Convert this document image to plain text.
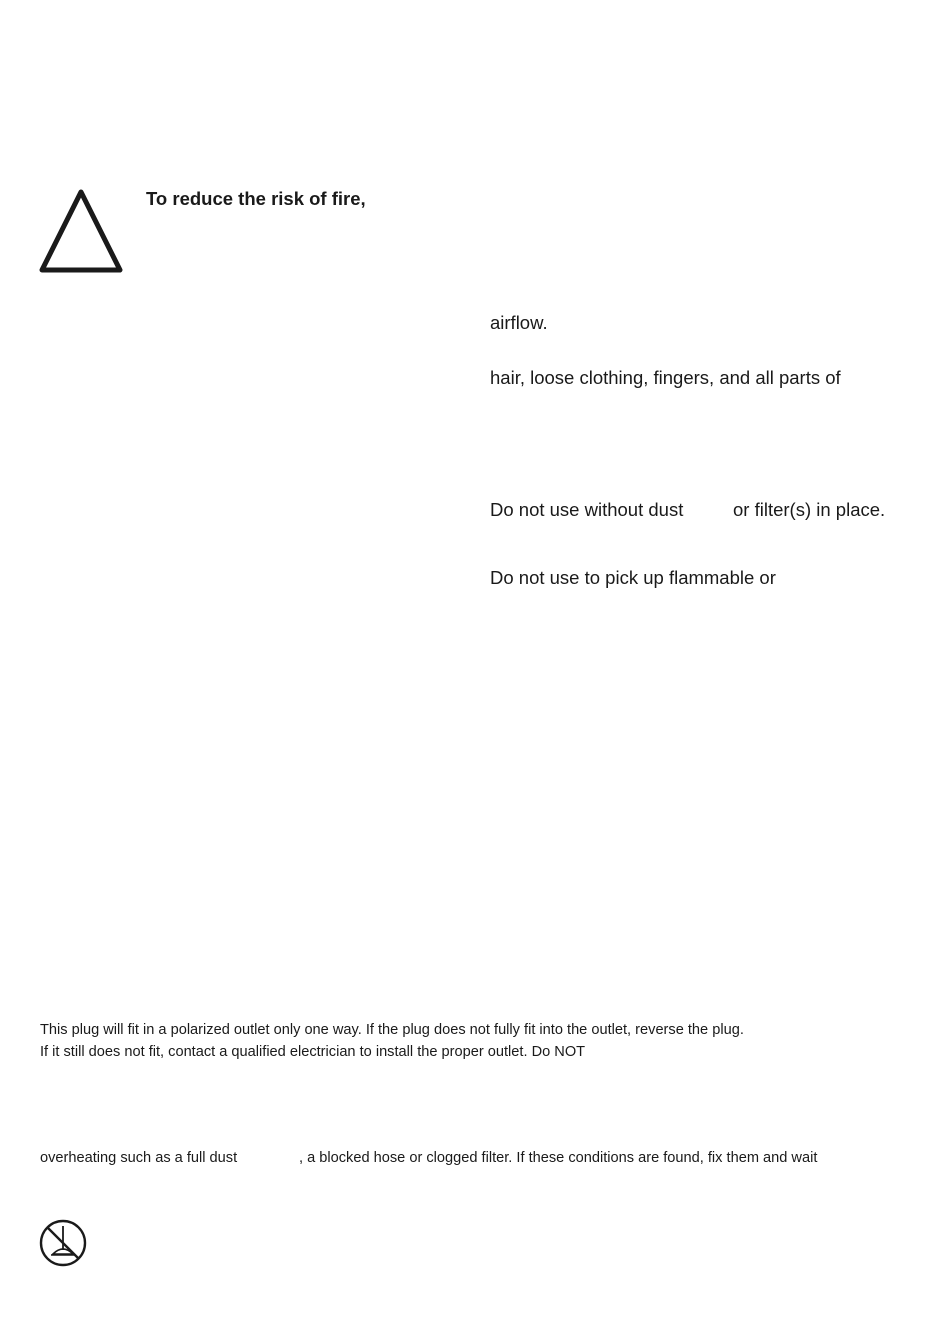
To reduce the risk of fire,
airflow.
hair, loose clothing, fingers, and all parts of
Do not use without dust	or filter(s) in place.
Do not use to pick up flammable or
This plug will fit in a polarized outlet only one way. If the plug does not fully fit into the outlet, reverse the plug.
If it still does not fit, contact a qualified electrician to install the proper outlet. Do NOT
overheating such as a full dust	, a blocked hose or clogged filter. If these conditions are found, fix them and wait
